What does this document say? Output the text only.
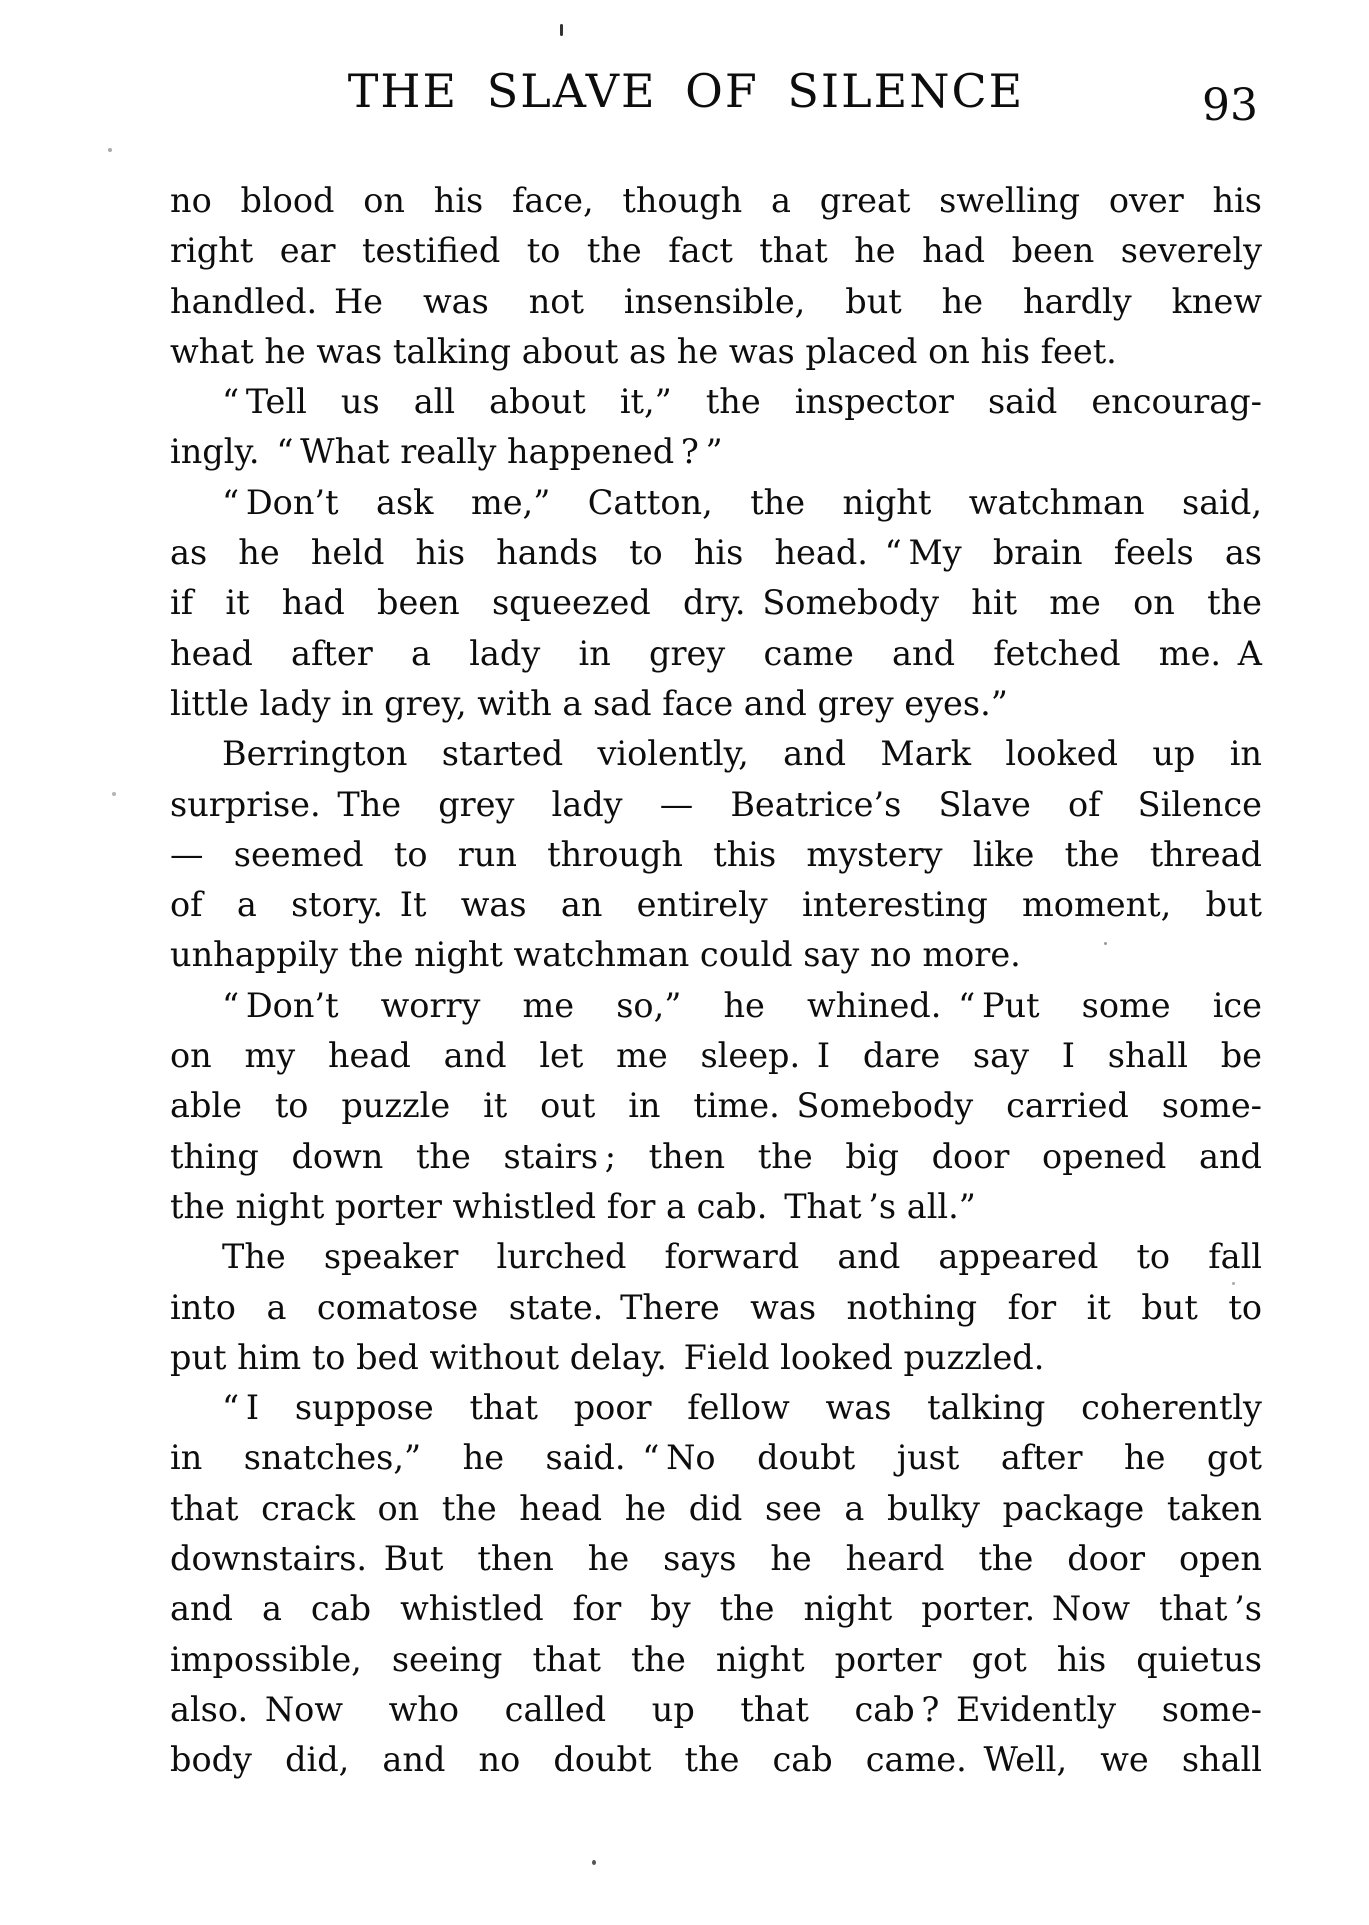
THE SLAVE OF SILENCE	93
no blood on his face, though a great swelling over his
right ear testified to the fact that he had been severely
handled. He was not insensible, but he hardly knew
what he was talking about as he was placed on his feet.
“ Tell us all about it,” the inspector said encourag-
ingly. “ What really happened ? ”
“ Don’t ask me,” Catton, the night watchman said,
as he held his hands to his head. “ My brain feels as
if it had been squeezed dry. Somebody hit me on the
head after a lady in grey came and fetched me. A
little lady in grey, with a sad face and grey eyes.”
Berrington started violently, and Mark looked up in
surprise. The grey lady — Beatrice’s Slave of Silence
— seemed to run through this mystery like the thread
of a story. It was an entirely interesting moment, but
unhappily the night watchman could say no more.
“ Don’t worry me so,” he whined. “ Put some ice
on my head and let me sleep. I dare say I shall be
able to puzzle it out in time. Somebody carried some-
thing down the stairs ; then the big door opened and
the night porter whistled for a cab. That ’s all.”
The speaker lurched forward and appeared to fall
into a comatose state. There was nothing for it but to
put him to bed without delay. Field looked puzzled.
“ I suppose that poor fellow was talking coherently
in snatches,” he said. “ No doubt just after he got
that crack on the head he did see a bulky package taken
downstairs. But then he says he heard the door open
and a cab whistled for by the night porter. Now that ’s
impossible, seeing that the night porter got his quietus
also. Now who called up that cab ? Evidently some-
body did, and no doubt the cab came. Well, we shall
